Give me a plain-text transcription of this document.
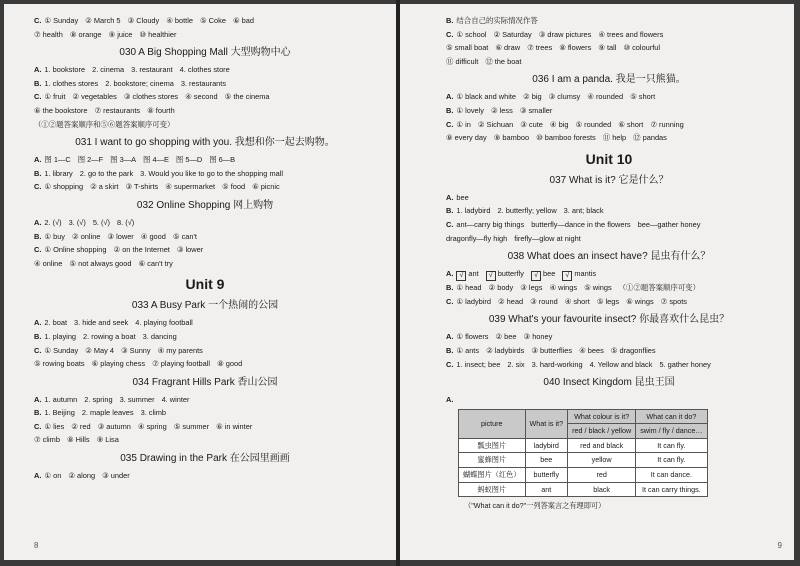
C. ① Sunday ② March 5 ③ Cloudy ④ bottle ⑤ Coke ⑥ bad
⑦ health ⑧ orange ⑨ juice ⑩ healthier
030 A Big Shopping Mall 大型购物中心
A. 1. bookstore 2. cinema 3. restaurant 4. clothes store
B. 1. clothes stores 2. bookstore; cinema 3. restaurants
C. ① fruit ② vegetables ③ clothes stores ④ second ⑤ the cinema
⑥ the bookstore ⑦ restaurants ⑧ fourth
（①②题答案顺序和⑤⑥题答案顺序可变）
031 I want to go shopping with you. 我想和你一起去购物。
A. 图 1—C 图 2—F 图 3—A 图 4—E 图 5—D 图 6—B
B. 1. library 2. go to the park 3. Would you like to go to the shopping mall
C. ① shopping ② a skirt ③ T-shirts ④ supermarket ⑤ food ⑥ picnic
032 Online Shopping 网上购物
A. 2. (√) 3. (√) 5. (√) 8. (√)
B. ① buy ② online ③ lower ④ good ⑤ can't
C. ① Online shopping ② on the Internet ③ lower
④ online ⑤ not always good ⑥ can't try
Unit 9
033 A Busy Park 一个热闹的公园
A. 2. boat 3. hide and seek 4. playing football
B. 1. playing 2. rowing a boat 3. dancing
C. ① Sunday ② May 4 ③ Sunny ④ my parents
⑤ rowing boats ⑥ playing chess ⑦ playing football ⑧ good
034 Fragrant Hills Park 香山公园
A. 1. autumn 2. spring 3. summer 4. winter
B. 1. Beijing 2. maple leaves 3. climb
C. ① lies ② red ③ autumn ④ spring ⑤ summer ⑥ in winter
⑦ climb ⑧ Hills ⑨ Lisa
035 Drawing in the Park 在公园里画画
A. ① on ② along ③ under
8
B. 结合自己的实际情况作答
C. ① school ② Saturday ③ draw pictures ④ trees and flowers
⑤ small boat ⑥ draw ⑦ trees ⑧ flowers ⑨ tall ⑩ colourful
⑪ difficult ⑫ the boat
036 I am a panda. 我是一只熊猫。
A. ① black and white ② big ③ clumsy ④ rounded ⑤ short
B. ① lovely ② less ③ smaller
C. ① in ② Sichuan ③ cute ④ big ⑤ rounded ⑥ short ⑦ running
⑧ every day ⑨ bamboo ⑩ bamboo forests ⑪ help ⑫ pandas
Unit 10
037 What is it? 它是什么？
A. bee
B. 1. ladybird 2. butterfly; yellow 3. ant; black
C. ant—carry big things butterfly—dance in the flowers bee—gather honey
dragonfly—fly high firefly—glow at night
038 What does an insect have? 昆虫有什么？
A. √ ant √ butterfly √ bee √ mantis
B. ① head ② body ③ legs ④ wings ⑤ wings （①②题答案顺序可变）
C. ① ladybird ② head ③ round ④ short ⑤ legs ⑥ wings ⑦ spots
039 What's your favourite insect? 你最喜欢什么昆虫？
A. ① flowers ② bee ③ honey
B. ① ants ② ladybirds ③ butterflies ④ bees ⑤ dragonflies
C. 1. insect; bee 2. six 3. hard-working 4. Yellow and black 5. gather honey
040 Insect Kingdom 昆虫王国
A.
picture	What is it?	What colour is it?	What can it do?
		red / black / yellow	swim / fly / dance…
瓢虫图片	ladybird	red and black	It can fly.
蜜蜂图片	bee	yellow	It can fly.
蝴蝶图片（红色）	butterfly	red	It can dance.
蚂蚁图片	ant	black	It can carry things.
（"What can it do?"一列答案言之有理即可）
9
